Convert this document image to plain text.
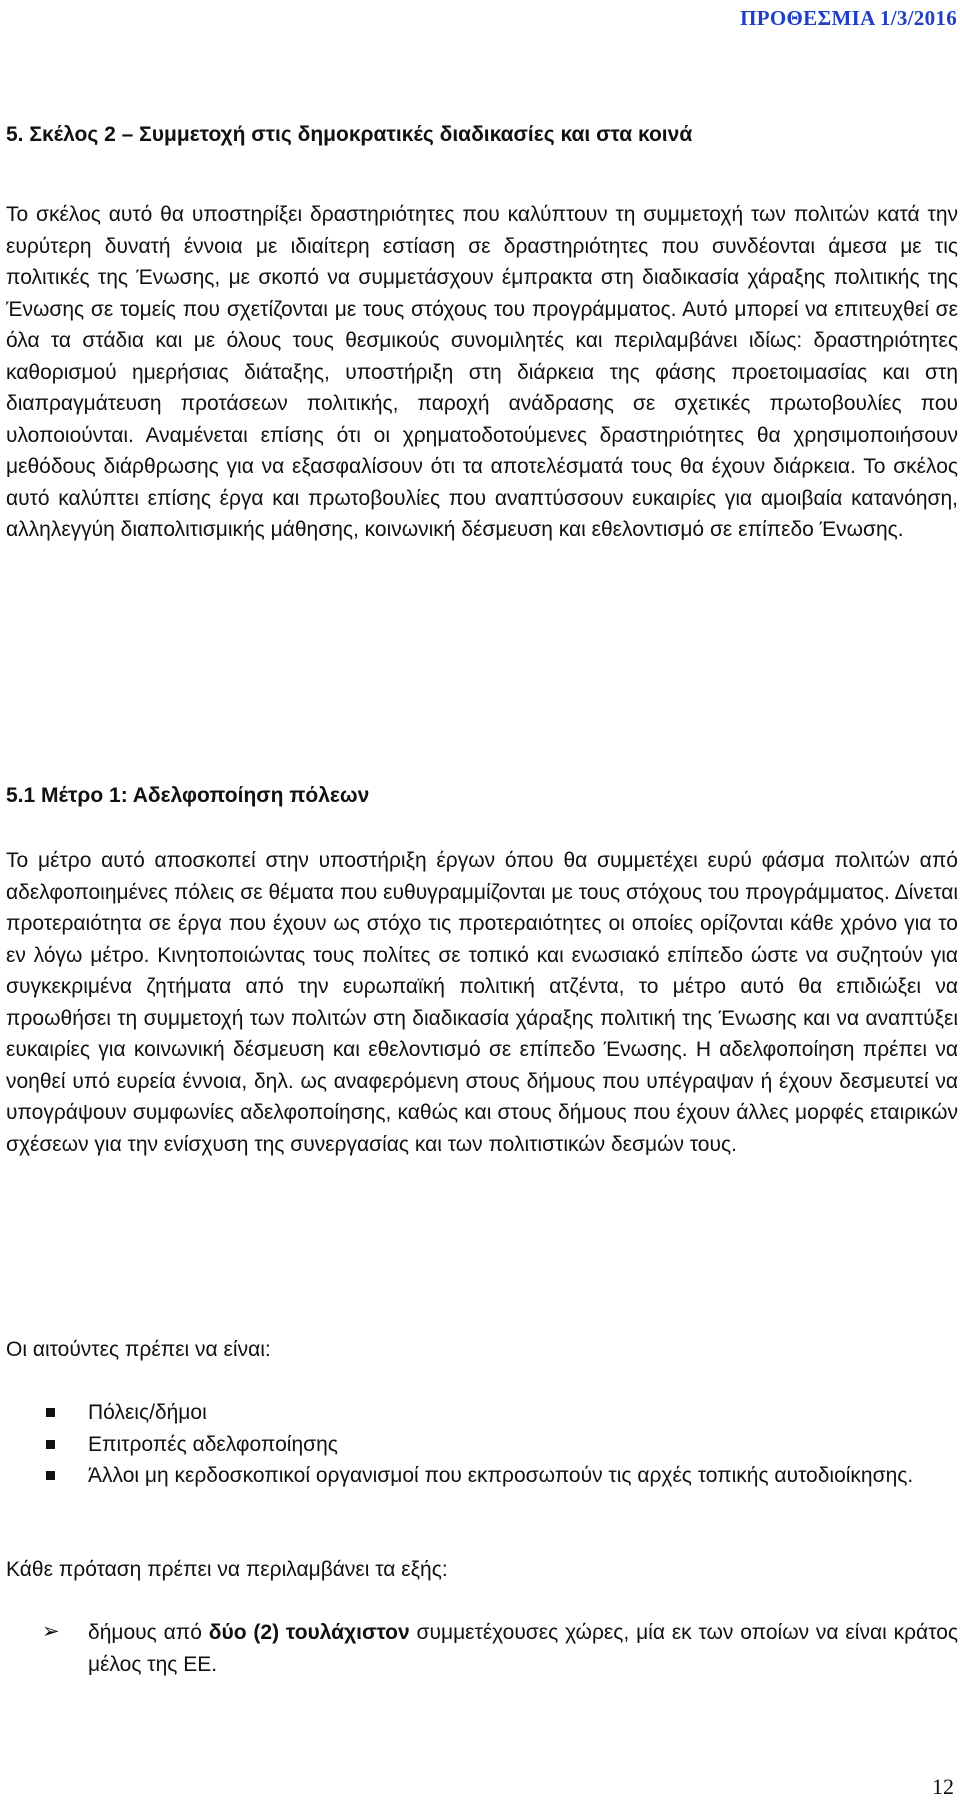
ΠΡΟΘΕΣΜΙΑ 1/3/2016
5. Σκέλος 2 – Συμμετοχή στις δημοκρατικές διαδικασίες και στα κοινά

Το σκέλος αυτό θα υποστηρίξει δραστηριότητες που καλύπτουν τη συμμετοχή των πολιτών κατά την ευρύτερη δυνατή έννοια με ιδιαίτερη εστίαση σε δραστηριότητες που συνδέονται άμεσα με τις πολιτικές της Ένωσης, με σκοπό να συμμετάσχουν έμπρακτα στη διαδικασία χάραξης πολιτικής της Ένωσης σε τομείς που σχετίζονται με τους στόχους του προγράμματος. Αυτό μπορεί να επιτευχθεί σε όλα τα στάδια και με όλους τους θεσμικούς συνομιλητές και περιλαμβάνει ιδίως: δραστηριότητες καθορισμού ημερήσιας διάταξης, υποστήριξη στη διάρκεια της φάσης προετοιμασίας και στη διαπραγμάτευση προτάσεων πολιτικής, παροχή ανάδρασης σε σχετικές πρωτοβουλίες που υλοποιούνται. Αναμένεται επίσης ότι οι χρηματοδοτούμενες δραστηριότητες θα χρησιμοποιήσουν μεθόδους διάρθρωσης για να εξασφαλίσουν ότι τα αποτελέσματά τους θα έχουν διάρκεια. Το σκέλος αυτό καλύπτει επίσης έργα και πρωτοβουλίες που αναπτύσσουν ευκαιρίες για αμοιβαία κατανόηση, αλληλεγγύη διαπολιτισμικής μάθησης, κοινωνική δέσμευση και εθελοντισμό σε επίπεδο Ένωσης.

5.1 Μέτρο 1: Αδελφοποίηση πόλεων

Το μέτρο αυτό αποσκοπεί στην υποστήριξη έργων όπου θα συμμετέχει ευρύ φάσμα πολιτών από αδελφοποιημένες πόλεις σε θέματα που ευθυγραμμίζονται με τους στόχους του προγράμματος. Δίνεται προτεραιότητα σε έργα που έχουν ως στόχο τις προτεραιότητες οι οποίες ορίζονται κάθε χρόνο για το εν λόγω μέτρο. Κινητοποιώντας τους πολίτες σε τοπικό και ενωσιακό επίπεδο ώστε να συζητούν για συγκεκριμένα ζητήματα από την ευρωπαϊκή πολιτική ατζέντα, το μέτρο αυτό θα επιδιώξει να προωθήσει τη συμμετοχή των πολιτών στη διαδικασία χάραξης πολιτική της Ένωσης και να αναπτύξει ευκαιρίες για κοινωνική δέσμευση και εθελοντισμό σε επίπεδο Ένωσης. Η αδελφοποίηση πρέπει να νοηθεί υπό ευρεία έννοια, δηλ. ως αναφερόμενη στους δήμους που υπέγραψαν ή έχουν δεσμευτεί να υπογράψουν συμφωνίες αδελφοποίησης, καθώς και στους δήμους που έχουν άλλες μορφές εταιρικών σχέσεων για την ενίσχυση της συνεργασίας και των πολιτιστικών δεσμών τους.

Οι αιτούντες πρέπει να είναι:

Πόλεις/δήμοι
Επιτροπές αδελφοποίησης
Άλλοι μη κερδοσκοπικοί οργανισμοί που εκπροσωπούν τις αρχές τοπικής αυτοδιοίκησης.

Κάθε πρόταση πρέπει να περιλαμβάνει τα εξής:

➢ δήμους από δύο (2) τουλάχιστον συμμετέχουσες χώρες, μία εκ των οποίων να είναι κράτος μέλος της ΕΕ.
12
